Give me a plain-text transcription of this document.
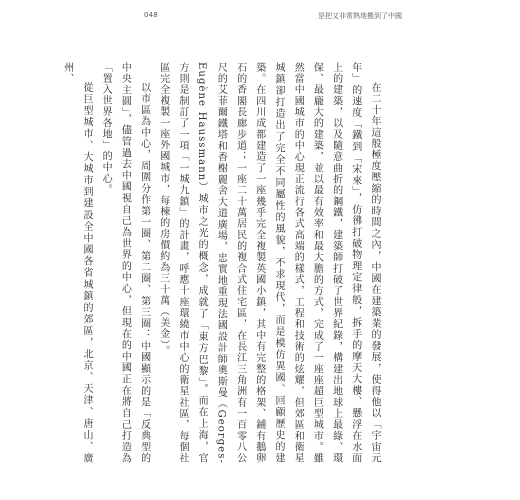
048	是把又非常熱地搬到了中國

在二十年這般極度壓縮的時間之內，中國在建築業的發展，使得他以「宇宙元年」的速度「鐵到「宋來」，仿彿打破物理定律般，拆手的摩天大樓、懸浮在水面上的建築，以及隨意曲折的鋼鐵，建築師打破了世界紀錄，構建出地球上最綠、環保、最龐大的建築，並以最有效率和最大膽的方式，完成了一座座超巨型城市。雖然當中國城市的中心現正流行各式高端的樣式，工程和技術的炫耀，但郊區和衛星城鎮卻打造出了完全不同屬性的風貌，不求現代，而是模仿異國、回顧歷史的建築。在四川成都建造了一座幾乎完全複製英國小鎮，其中有完整的格架、鋪有鵝卵石的香閣長廊步道；一座二十萬居民的複合式住宅區，在長江三角洲有一百零八公尺的艾菲爾鐵塔和香榭麗舍大道廣場，忠實地重現法國設計師奧斯曼（Georges-Eugène Haussmann）城市之光的概念，成就了「東方巴黎」。而在上海，官方則是制訂了一項「一城九鎮」的計畫，呼應十座環繞市中心的衛星社區，每個社區完全複製一座外國城市，每棟的房價約為三十萬（美金）。

以市區為中心，周圍分作第一圈、第二圈、第三圈：中國顯示的是「反典型的中央主圓」，儘管過去中國視自己為世界的中心，但現在的中國正在將自己打造為「置入世界各地」的中心。

從巨型城市、大城市到建設全中國各省城鎮的郊區，北京、天津、唐山、廣州、
